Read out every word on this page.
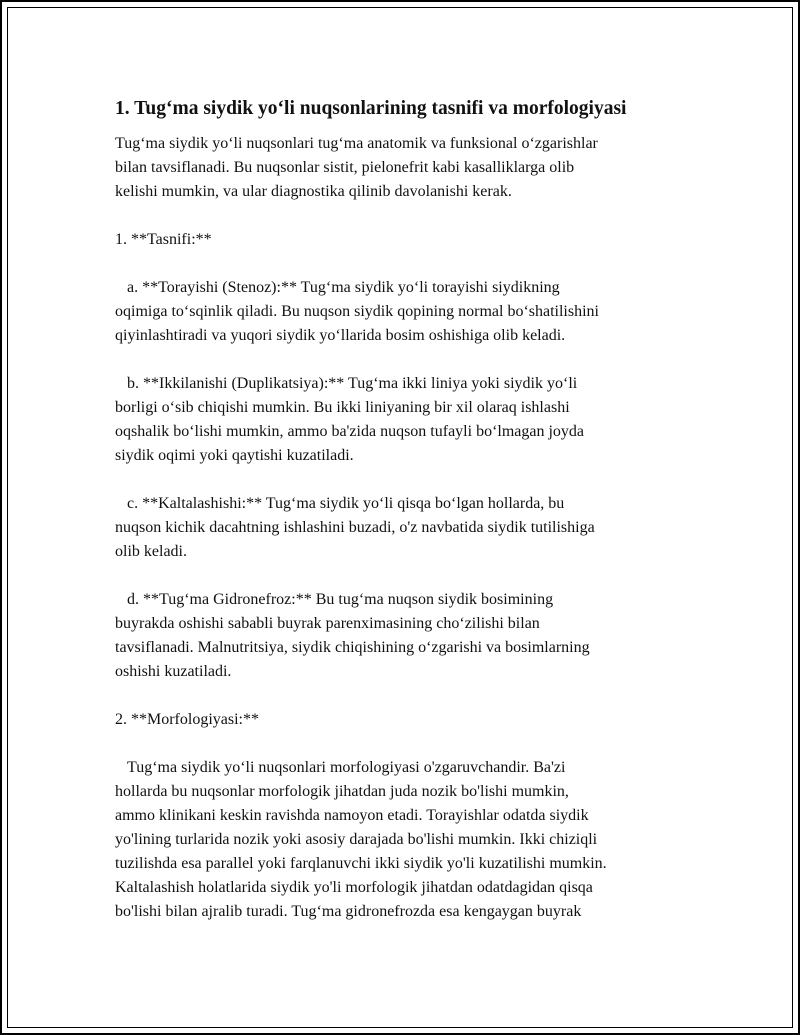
1. Tug‘ma siydik yo‘li nuqsonlarining tasnifi va morfologiyasi

Tug‘ma siydik yo‘li nuqsonlari tug‘ma anatomik va funksional o‘zgarishlar

bilan tavsiflanadi. Bu nuqsonlar sistit, pielonefrit kabi kasalliklarga olib

kelishi mumkin, va ular diagnostika qilinib davolanishi kerak.

1. **Tasnifi:**

a. **Torayishi (Stenoz):** Tug‘ma siydik yo‘li torayishi siydikning

oqimiga to‘sqinlik qiladi. Bu nuqson siydik qopining normal bo‘shatilishini

qiyinlashtiradi va yuqori siydik yo‘llarida bosim oshishiga olib keladi.

b. **Ikkilanishi (Duplikatsiya):** Tug‘ma ikki liniya yoki siydik yo‘li

borligi o‘sib chiqishi mumkin. Bu ikki liniyaning bir xil olaraq ishlashi

oqshalik bo‘lishi mumkin, ammo ba'zida nuqson tufayli bo‘lmagan joyda

siydik oqimi yoki qaytishi kuzatiladi.

c. **Kaltalashishi:** Tug‘ma siydik yo‘li qisqa bo‘lgan hollarda, bu

nuqson kichik dacahtning ishlashini buzadi, o'z navbatida siydik tutilishiga

olib keladi.

d. **Tug‘ma Gidronefroz:** Bu tug‘ma nuqson siydik bosimining

buyrakda oshishi sababli buyrak parenximasining cho‘zilishi bilan

tavsiflanadi. Malnutritsiya, siydik chiqishining o‘zgarishi va bosimlarning

oshishi kuzatiladi.

2. **Morfologiyasi:**

Tug‘ma siydik yo‘li nuqsonlari morfologiyasi o'zgaruvchandir. Ba'zi

hollarda bu nuqsonlar morfologik jihatdan juda nozik bo'lishi mumkin,

ammo klinikani keskin ravishda namoyon etadi. Torayishlar odatda siydik

yo'lining turlarida nozik yoki asosiy darajada bo'lishi mumkin. Ikki chiziqli

tuzilishda esa parallel yoki farqlanuvchi ikki siydik yo'li kuzatilishi mumkin.

Kaltalashish holatlarida siydik yo'li morfologik jihatdan odatdagidan qisqa

bo'lishi bilan ajralib turadi. Tug‘ma gidronefrozda esa kengaygan buyrak
